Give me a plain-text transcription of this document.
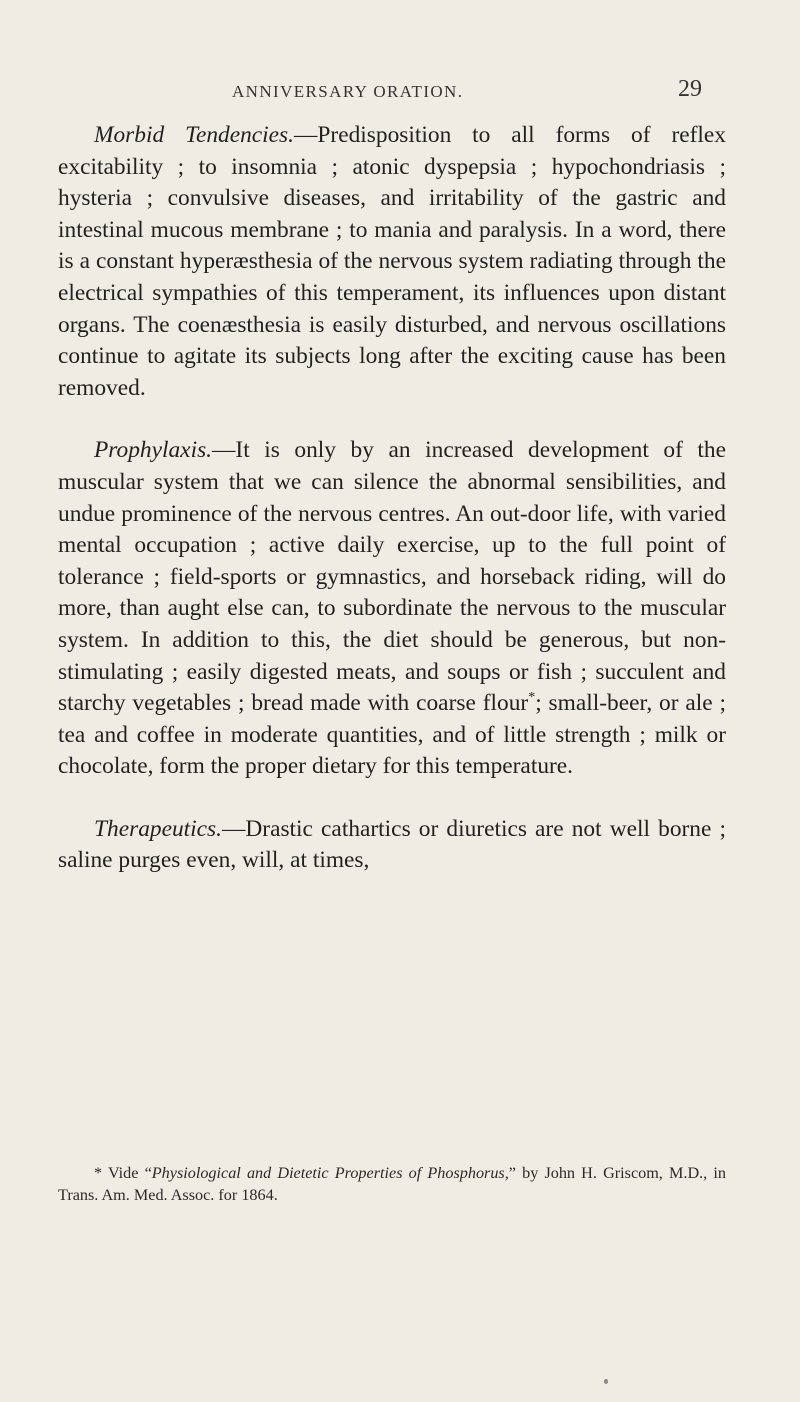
ANNIVERSARY ORATION.	29

Morbid Tendencies.—Predisposition to all forms of reflex excitability ; to insomnia ; atonic dyspepsia ; hypochondriasis ; hysteria ; convulsive diseases, and irritability of the gastric and intestinal mucous membrane ; to mania and paralysis. In a word, there is a constant hyperæsthesia of the nervous system radiating through the electrical sympathies of this temperament, its influences upon distant organs. The coenæsthesia is easily disturbed, and nervous oscillations continue to agitate its subjects long after the exciting cause has been removed.

Prophylaxis.—It is only by an increased development of the muscular system that we can silence the abnormal sensibilities, and undue prominence of the nervous centres. An out-door life, with varied mental occupation ; active daily exercise, up to the full point of tolerance ; field-sports or gymnastics, and horseback riding, will do more, than aught else can, to subordinate the nervous to the muscular system. In addition to this, the diet should be generous, but non-stimulating ; easily digested meats, and soups or fish ; succulent and starchy vegetables ; bread made with coarse flour*; small-beer, or ale ; tea and coffee in moderate quantities, and of little strength ; milk or chocolate, form the proper dietary for this temperature.

Therapeutics.—Drastic cathartics or diuretics are not well borne ; saline purges even, will, at times,

* Vide “Physiological and Dietetic Properties of Phosphorus,” by John H. Griscom, M.D., in Trans. Am. Med. Assoc. for 1864.
